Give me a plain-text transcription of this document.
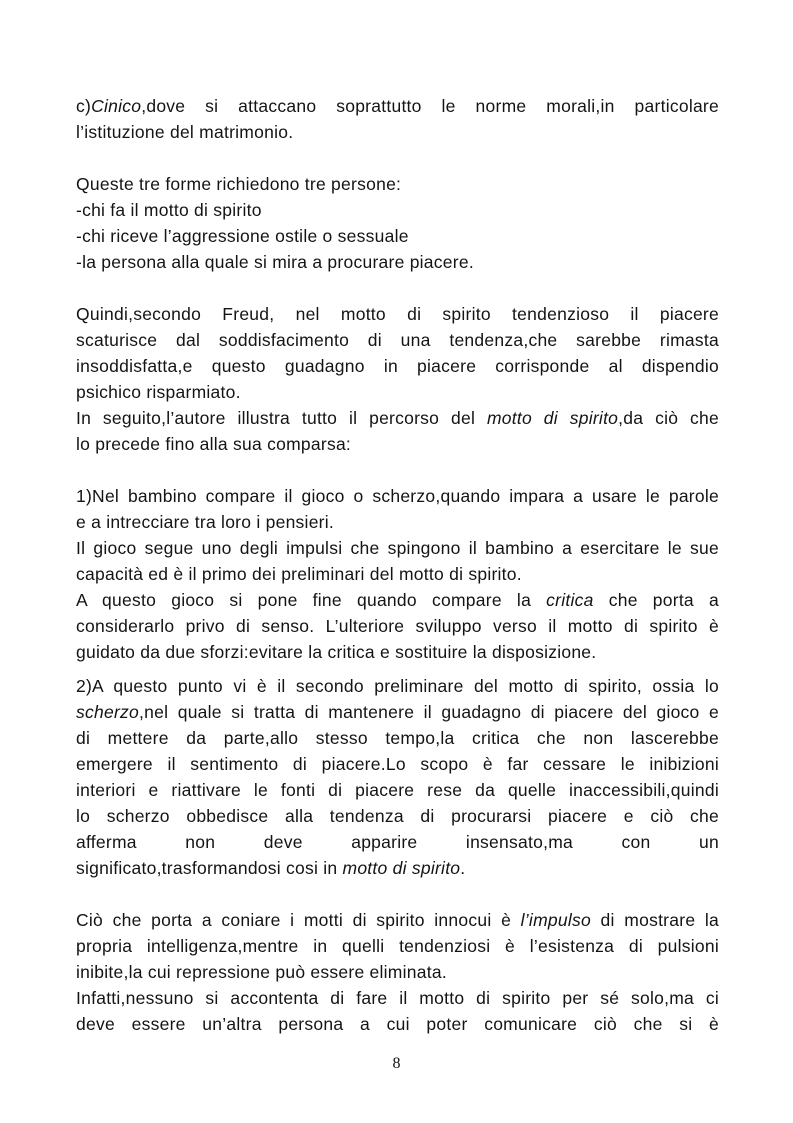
c)Cinico,dove si attaccano soprattutto le norme morali,in particolare

l’istituzione del matrimonio.

Queste tre forme richiedono tre persone:

-chi fa il motto di spirito

-chi riceve l’aggressione ostile o sessuale

-la persona alla quale si mira a procurare piacere.

Quindi,secondo Freud, nel motto di spirito tendenzioso il piacere

scaturisce dal soddisfacimento di una tendenza,che sarebbe rimasta

insoddisfatta,e questo guadagno in piacere corrisponde al dispendio

psichico risparmiato.

In seguito,l’autore illustra tutto il percorso del motto di spirito,da ciò che

lo precede fino alla sua comparsa:

1)Nel bambino compare il gioco o scherzo,quando impara a usare le parole

e a intrecciare tra loro i pensieri.

Il gioco segue uno degli impulsi che spingono il bambino a esercitare le sue

capacità ed è il primo dei preliminari del motto di spirito.

A questo gioco si pone fine quando compare la critica che porta a

considerarlo privo di senso. L’ulteriore sviluppo verso il motto di spirito è

guidato da due sforzi:evitare la critica e sostituire la disposizione.

2)A questo punto vi è il secondo preliminare del motto di spirito, ossia lo

scherzo,nel quale si tratta di mantenere il guadagno di piacere del gioco e

di mettere da parte,allo stesso tempo,la critica che non lascerebbe

emergere il sentimento di piacere.Lo scopo è far cessare le inibizioni

interiori e riattivare le fonti di piacere rese da quelle inaccessibili,quindi

lo scherzo obbedisce alla tendenza di procurarsi piacere e ciò che

afferma non deve apparire insensato,ma con un

significato,trasformandosi cosi in motto di spirito.

Ciò che porta a coniare i motti di spirito innocui è l’impulso di mostrare la

propria intelligenza,mentre in quelli tendenziosi è l’esistenza di pulsioni

inibite,la cui repressione può essere eliminata.

Infatti,nessuno si accontenta di fare il motto di spirito per sé solo,ma ci

deve essere un’altra persona a cui poter comunicare ciò che si è

8
